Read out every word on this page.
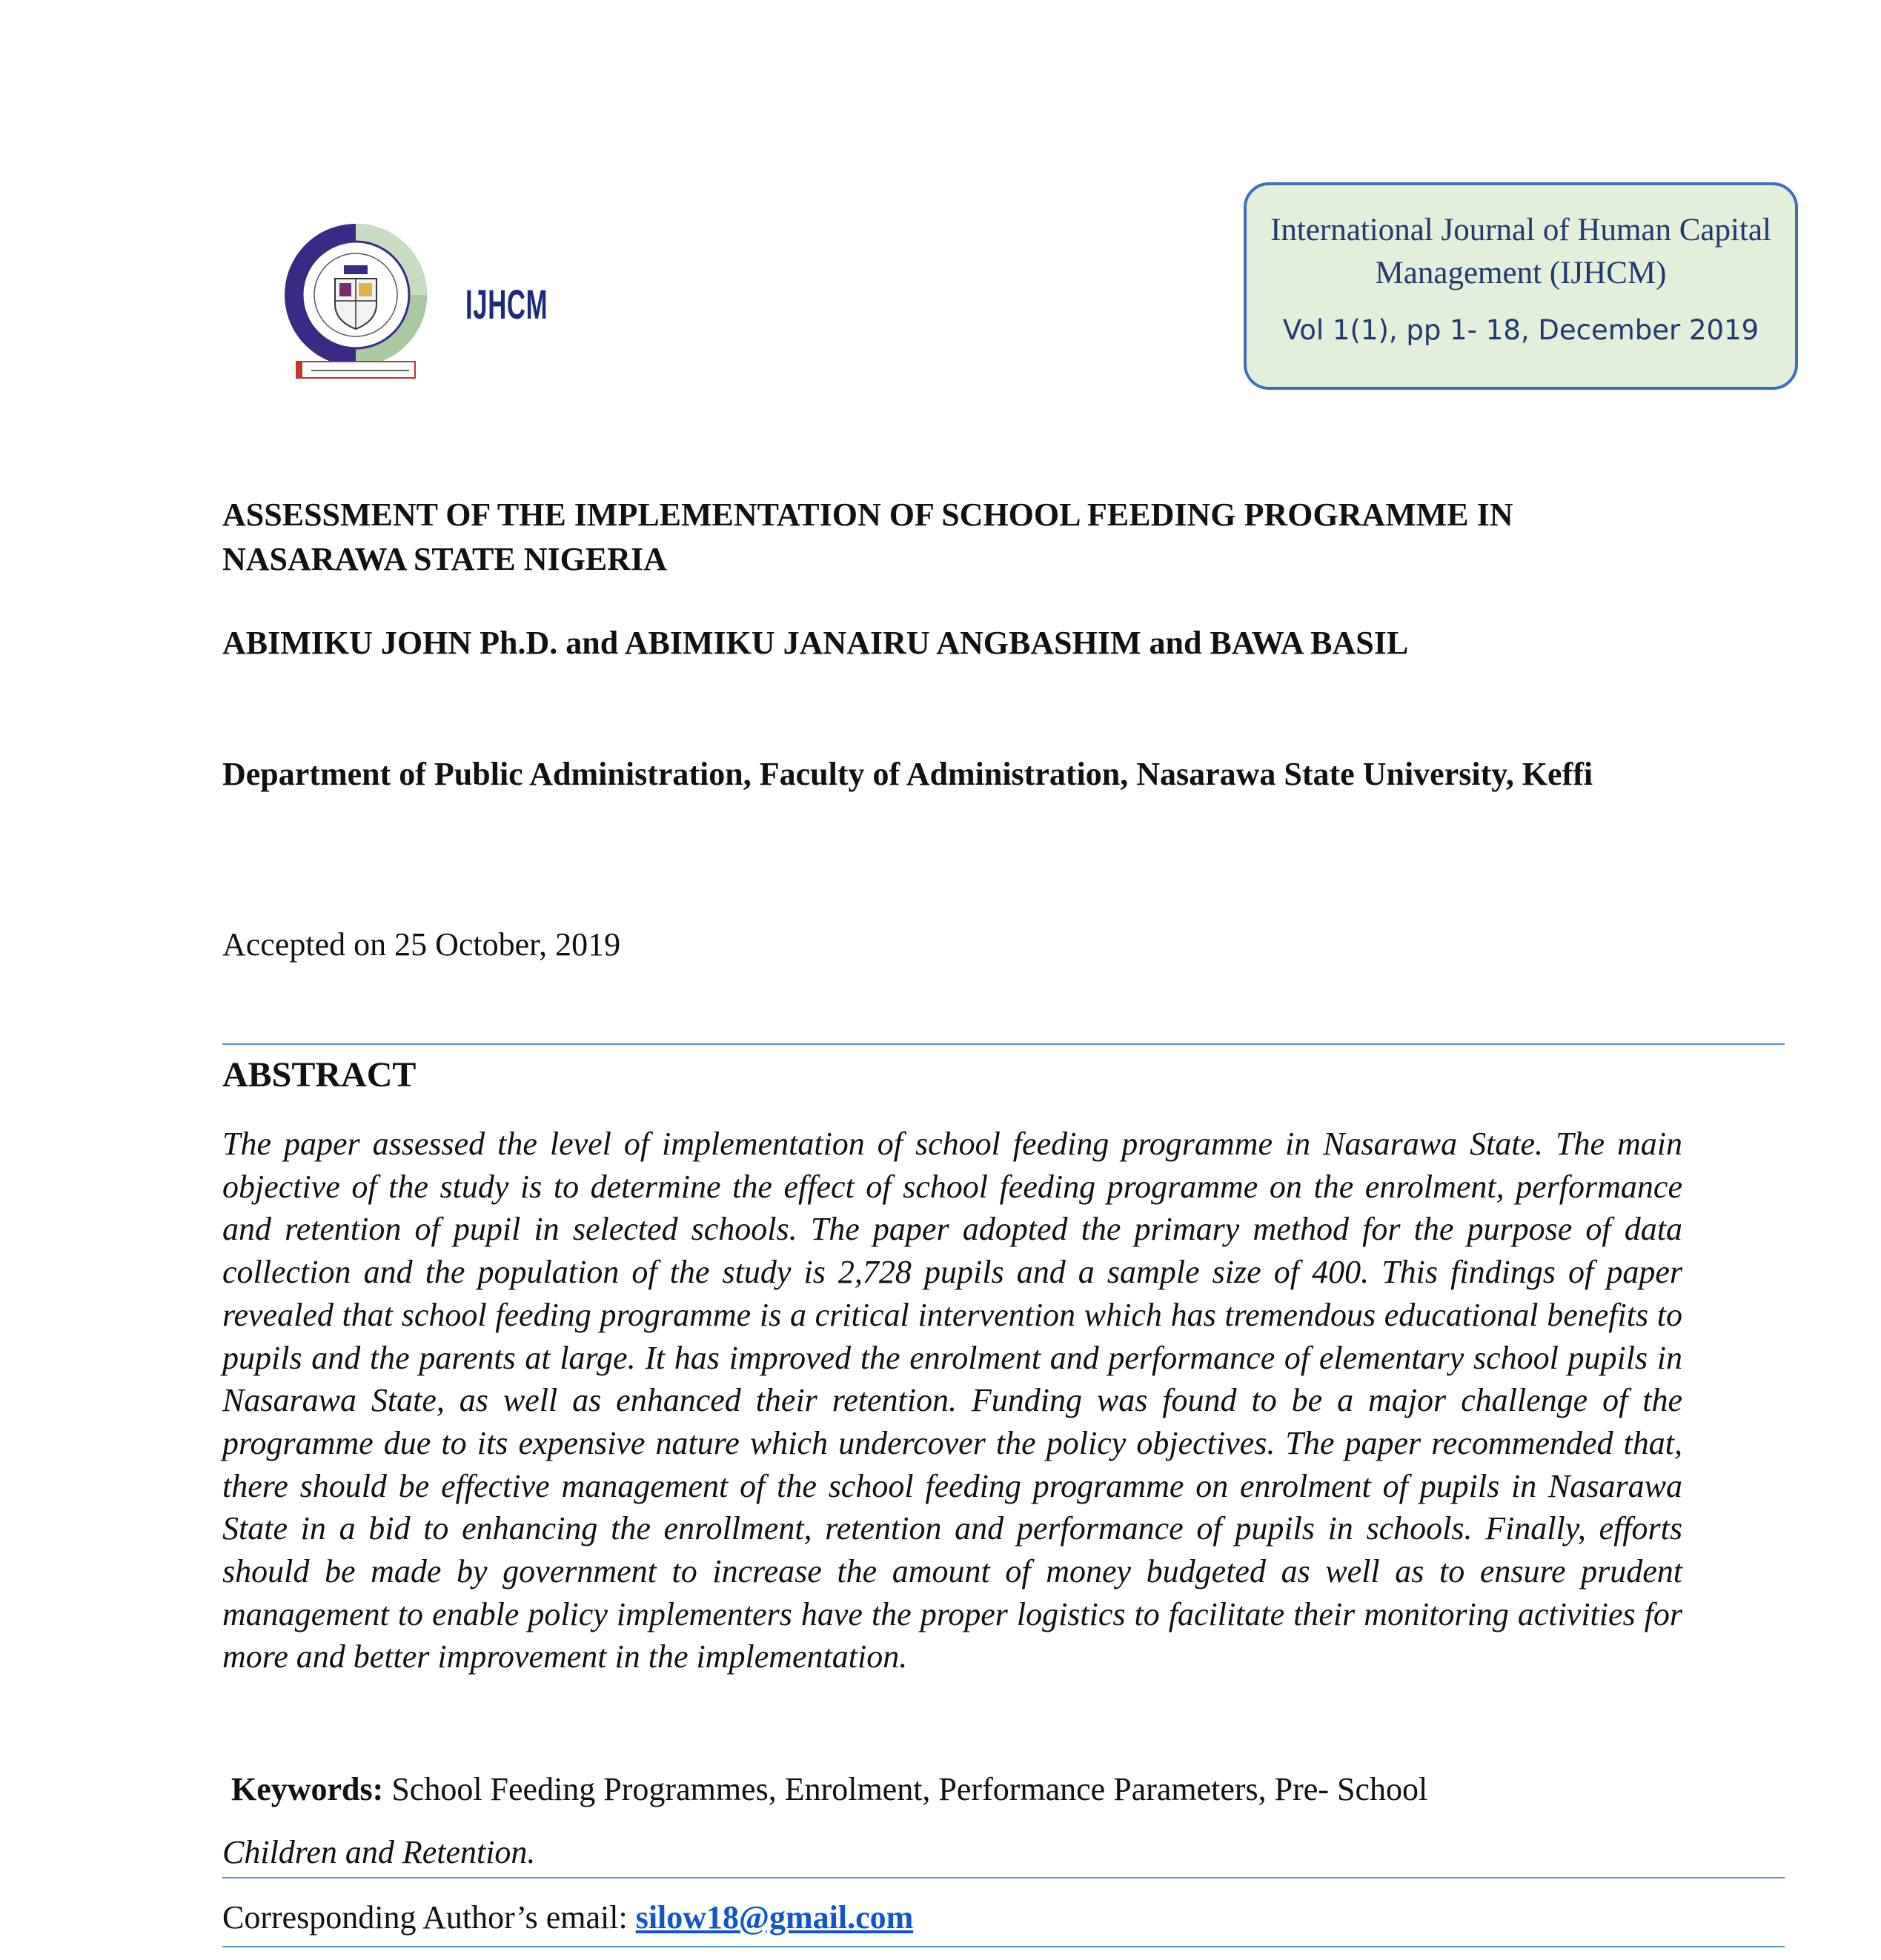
IJHCM
International Journal of Human Capital Management (IJHCM)
Vol 1(1), pp 1- 18, December 2019
ASSESSMENT OF THE IMPLEMENTATION OF SCHOOL FEEDING PROGRAMME IN NASARAWA STATE NIGERIA
ABIMIKU JOHN Ph.D. and ABIMIKU JANAIRU ANGBASHIM and BAWA BASIL
Department of Public Administration, Faculty of Administration, Nasarawa State University, Keffi
Accepted on 25 October, 2019
ABSTRACT
The paper assessed the level of implementation of school feeding programme in Nasarawa State. The main objective of the study is to determine the effect of school feeding programme on the enrolment, performance and retention of pupil in selected schools. The paper adopted the primary method for the purpose of data collection and the population of the study is 2,728 pupils and a sample size of 400. This findings of paper revealed that school feeding programme is a critical intervention which has tremendous educational benefits to pupils and the parents at large. It has improved the enrolment and performance of elementary school pupils in Nasarawa State, as well as enhanced their retention. Funding was found to be a major challenge of the programme due to its expensive nature which undercover the policy objectives. The paper recommended that, there should be effective management of the school feeding programme on enrolment of pupils in Nasarawa State in a bid to enhancing the enrollment, retention and performance of pupils in schools. Finally, efforts should be made by government to increase the amount of money budgeted as well as to ensure prudent management to enable policy implementers have the proper logistics to facilitate their monitoring activities for more and better improvement in the implementation.
Keywords: School Feeding Programmes, Enrolment, Performance Parameters, Pre- School
Children and Retention.
Corresponding Author’s email: silow18@gmail.com
